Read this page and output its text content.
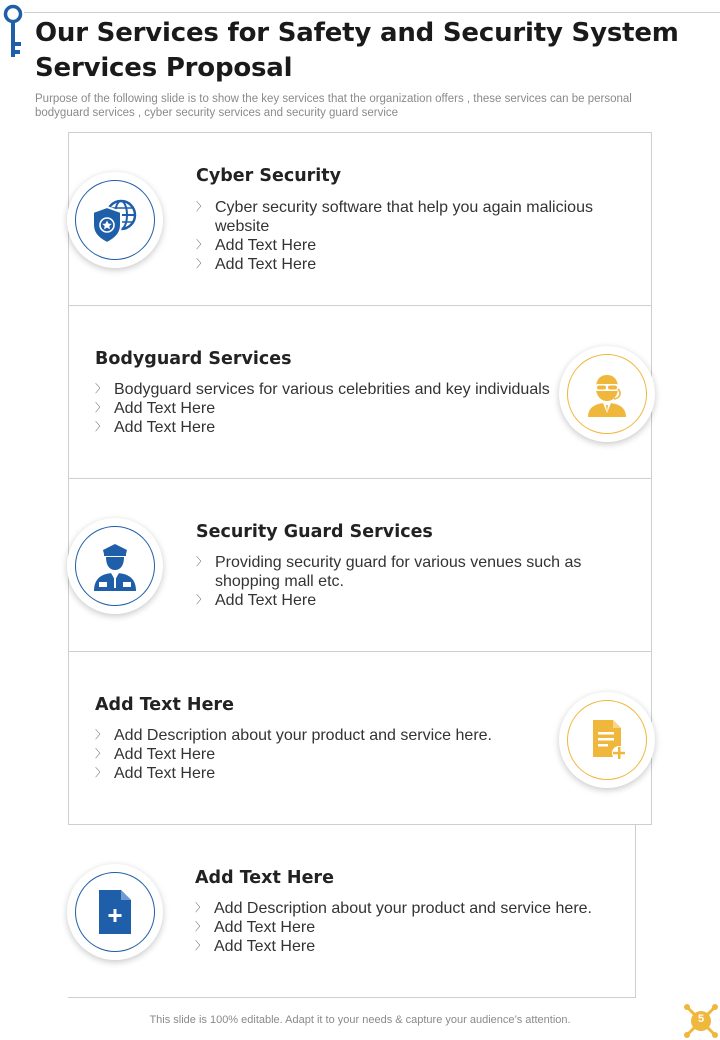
Our Services for Safety and Security System Services Proposal

Purpose of the following slide is to show the key services that the organization offers , these services can be personal bodyguard services , cyber security services and security guard service

Cyber Security
〉 Cyber security software that help you again malicious website
〉 Add Text Here
〉 Add Text Here
Bodyguard Services
〉 Bodyguard services for various celebrities and key individuals
〉 Add Text Here
〉 Add Text Here
Security Guard Services
〉 Providing security guard for various venues such as shopping mall etc.
〉 Add Text Here
Add Text Here
〉 Add Description about your product and service here.
〉 Add Text Here
〉 Add Text Here
Add Text Here
〉 Add Description about your product and service here.
〉 Add Text Here
〉 Add Text Here

This slide is 100% editable. Adapt it to your needs & capture your audience’s attention.	5
